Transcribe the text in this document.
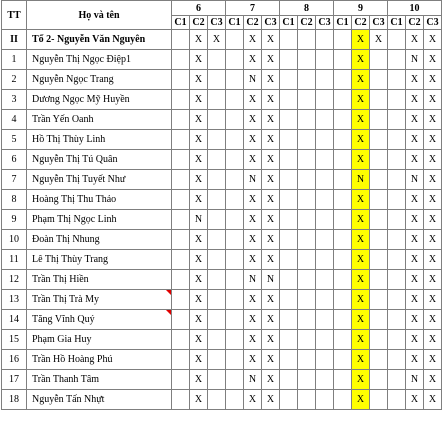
TT	Họ và tên	6			7			8			9			10		
		C1	C2	C3	C1	C2	C3	C1	C2	C3	C1	C2	C3	C1	C2	C3
II	Tổ 2- Nguyễn Văn Nguyên		X	X		X	X					X	X		X	X
1	Nguyễn Thị Ngọc Điệp1		X			X	X					X			N	X
2	Nguyễn Ngọc Trang		X			N	X					X			X	X
3	Dương Ngọc Mỹ Huyền		X			X	X					X			X	X
4	Trần Yến Oanh		X			X	X					X			X	X
5	Hồ Thị Thùy Linh		X			X	X					X			X	X
6	Nguyễn Thị Tú Quân		X			X	X					X			X	X
7	Nguyễn Thị Tuyết Như		X			N	X					N			N	X
8	Hoàng Thị Thu Thảo		X			X	X					X			X	X
9	Phạm Thị Ngọc Linh		N			X	X					X			X	X
10	Đoàn Thị Nhung		X			X	X					X			X	X
11	Lê Thị Thùy Trang		X			X	X					X			X	X
12	Trần Thị Hiền		X			N	N					X			X	X
13	Trần Thị Trà My		X			X	X					X			X	X
14	Tăng Vĩnh Quý		X			X	X					X			X	X
15	Phạm Gia Huy		X			X	X					X			X	X
16	Trần Hồ Hoàng Phú		X			X	X					X			X	X
17	Trần Thanh Tâm		X			N	X					X			N	X
18	Nguyễn Tấn Nhựt		X			X	X					X			X	X
